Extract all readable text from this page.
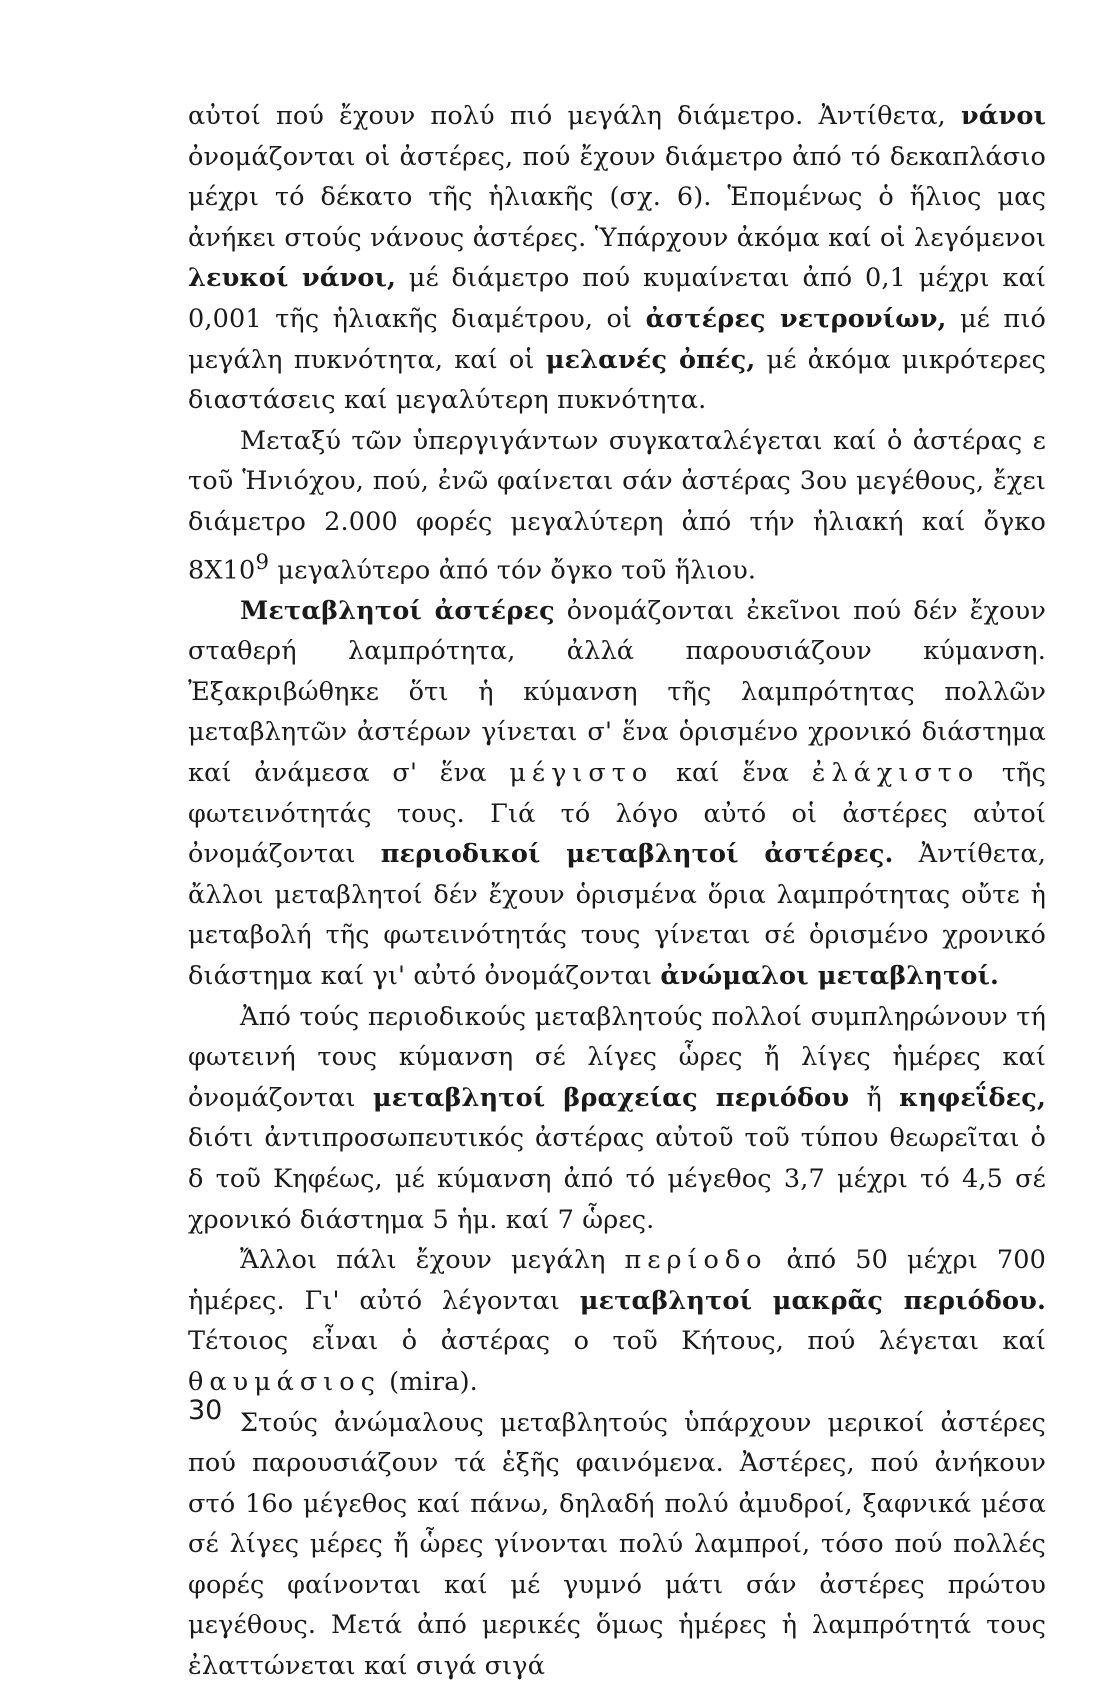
αὐτοί πού ἔχουν πολύ πιό μεγάλη διάμετρο. Ἀντίθετα, νάνοι ὀνομάζονται οἱ ἀστέρες, πού ἔχουν διάμετρο ἀπό τό δεκαπλάσιο μέχρι τό δέκατο τῆς ἡλιακῆς (σχ. 6). Ἑπομένως ὁ ἥλιος μας ἀνήκει στούς νάνους ἀστέρες. Ὑπάρχουν ἀκόμα καί οἱ λεγόμενοι λευκοί νάνοι, μέ διάμετρο πού κυμαίνεται ἀπό 0,1 μέχρι καί 0,001 τῆς ἡλιακῆς διαμέτρου, οἱ ἀστέρες νετρονίων, μέ πιό μεγάλη πυκνότητα, καί οἱ μελανές ὀπές, μέ ἀκόμα μικρότερες διαστάσεις καί μεγαλύτερη πυκνότητα.

Μεταξύ τῶν ὑπεργιγάντων συγκαταλέγεται καί ὁ ἀστέρας ε τοῦ Ἡνιόχου, πού, ἐνῶ φαίνεται σάν ἀστέρας 3ου μεγέθους, ἔχει διάμετρο 2.000 φορές μεγαλύτερη ἀπό τήν ἡλιακή καί ὄγκο $8X10^9$ μεγαλύτερο ἀπό τόν ὄγκο τοῦ ἥλιου.

Μεταβλητοί ἀστέρες ὀνομάζονται ἐκεῖνοι πού δέν ἔχουν σταθερή λαμπρότητα, ἀλλά παρουσιάζουν κύμανση. Ἐξακριβώθηκε ὅτι ἡ κύμανση τῆς λαμπρότητας πολλῶν μεταβλητῶν ἀστέρων γίνεται σ' ἕνα ὁρισμένο χρονικό διάστημα καί ἀνάμεσα σ' ἕνα μέγιστο καί ἕνα ἐλάχιστο τῆς φωτεινότητάς τους. Γιά τό λόγο αὐτό οἱ ἀστέρες αὐτοί ὀνομάζονται περιοδικοί μεταβλητοί ἀστέρες. Ἀντίθετα, ἄλλοι μεταβλητοί δέν ἔχουν ὁρισμένα ὅρια λαμπρότητας οὔτε ἡ μεταβολή τῆς φωτεινότητάς τους γίνεται σέ ὁρισμένο χρονικό διάστημα καί γι' αὐτό ὀνομάζονται ἀνώμαλοι μεταβλητοί.

Ἀπό τούς περιοδικούς μεταβλητούς πολλοί συμπληρώνουν τή φωτεινή τους κύμανση σέ λίγες ὧρες ἤ λίγες ἡμέρες καί ὀνομάζονται μεταβλητοί βραχείας περιόδου ἤ κηφεΐδες, διότι ἀντιπροσωπευτικός ἀστέρας αὐτοῦ τοῦ τύπου θεωρεῖται ὁ δ τοῦ Κηφέως, μέ κύμανση ἀπό τό μέγεθος 3,7 μέχρι τό 4,5 σέ χρονικό διάστημα 5 ἡμ. καί 7 ὧρες.

Ἄλλοι πάλι ἔχουν μεγάλη περίοδο ἀπό 50 μέχρι 700 ἡμέρες. Γι' αὐτό λέγονται μεταβλητοί μακρᾶς περιόδου. Τέτοιος εἶναι ὁ ἀστέρας ο τοῦ Κήτους, πού λέγεται καί θαυμάσιος (mira).

Στούς ἀνώμαλους μεταβλητούς ὑπάρχουν μερικοί ἀστέρες πού παρουσιάζουν τά ἑξῆς φαινόμενα. Ἀστέρες, πού ἀνήκουν στό 16ο μέγεθος καί πάνω, δηλαδή πολύ ἀμυδροί, ξαφνικά μέσα σέ λίγες μέρες ἤ ὧρες γίνονται πολύ λαμπροί, τόσο πού πολλές φορές φαίνονται καί μέ γυμνό μάτι σάν ἀστέρες πρώτου μεγέθους. Μετά ἀπό μερικές ὅμως ἡμέρες ἡ λαμπρότητά τους ἐλαττώνεται καί σιγά σιγά

30
